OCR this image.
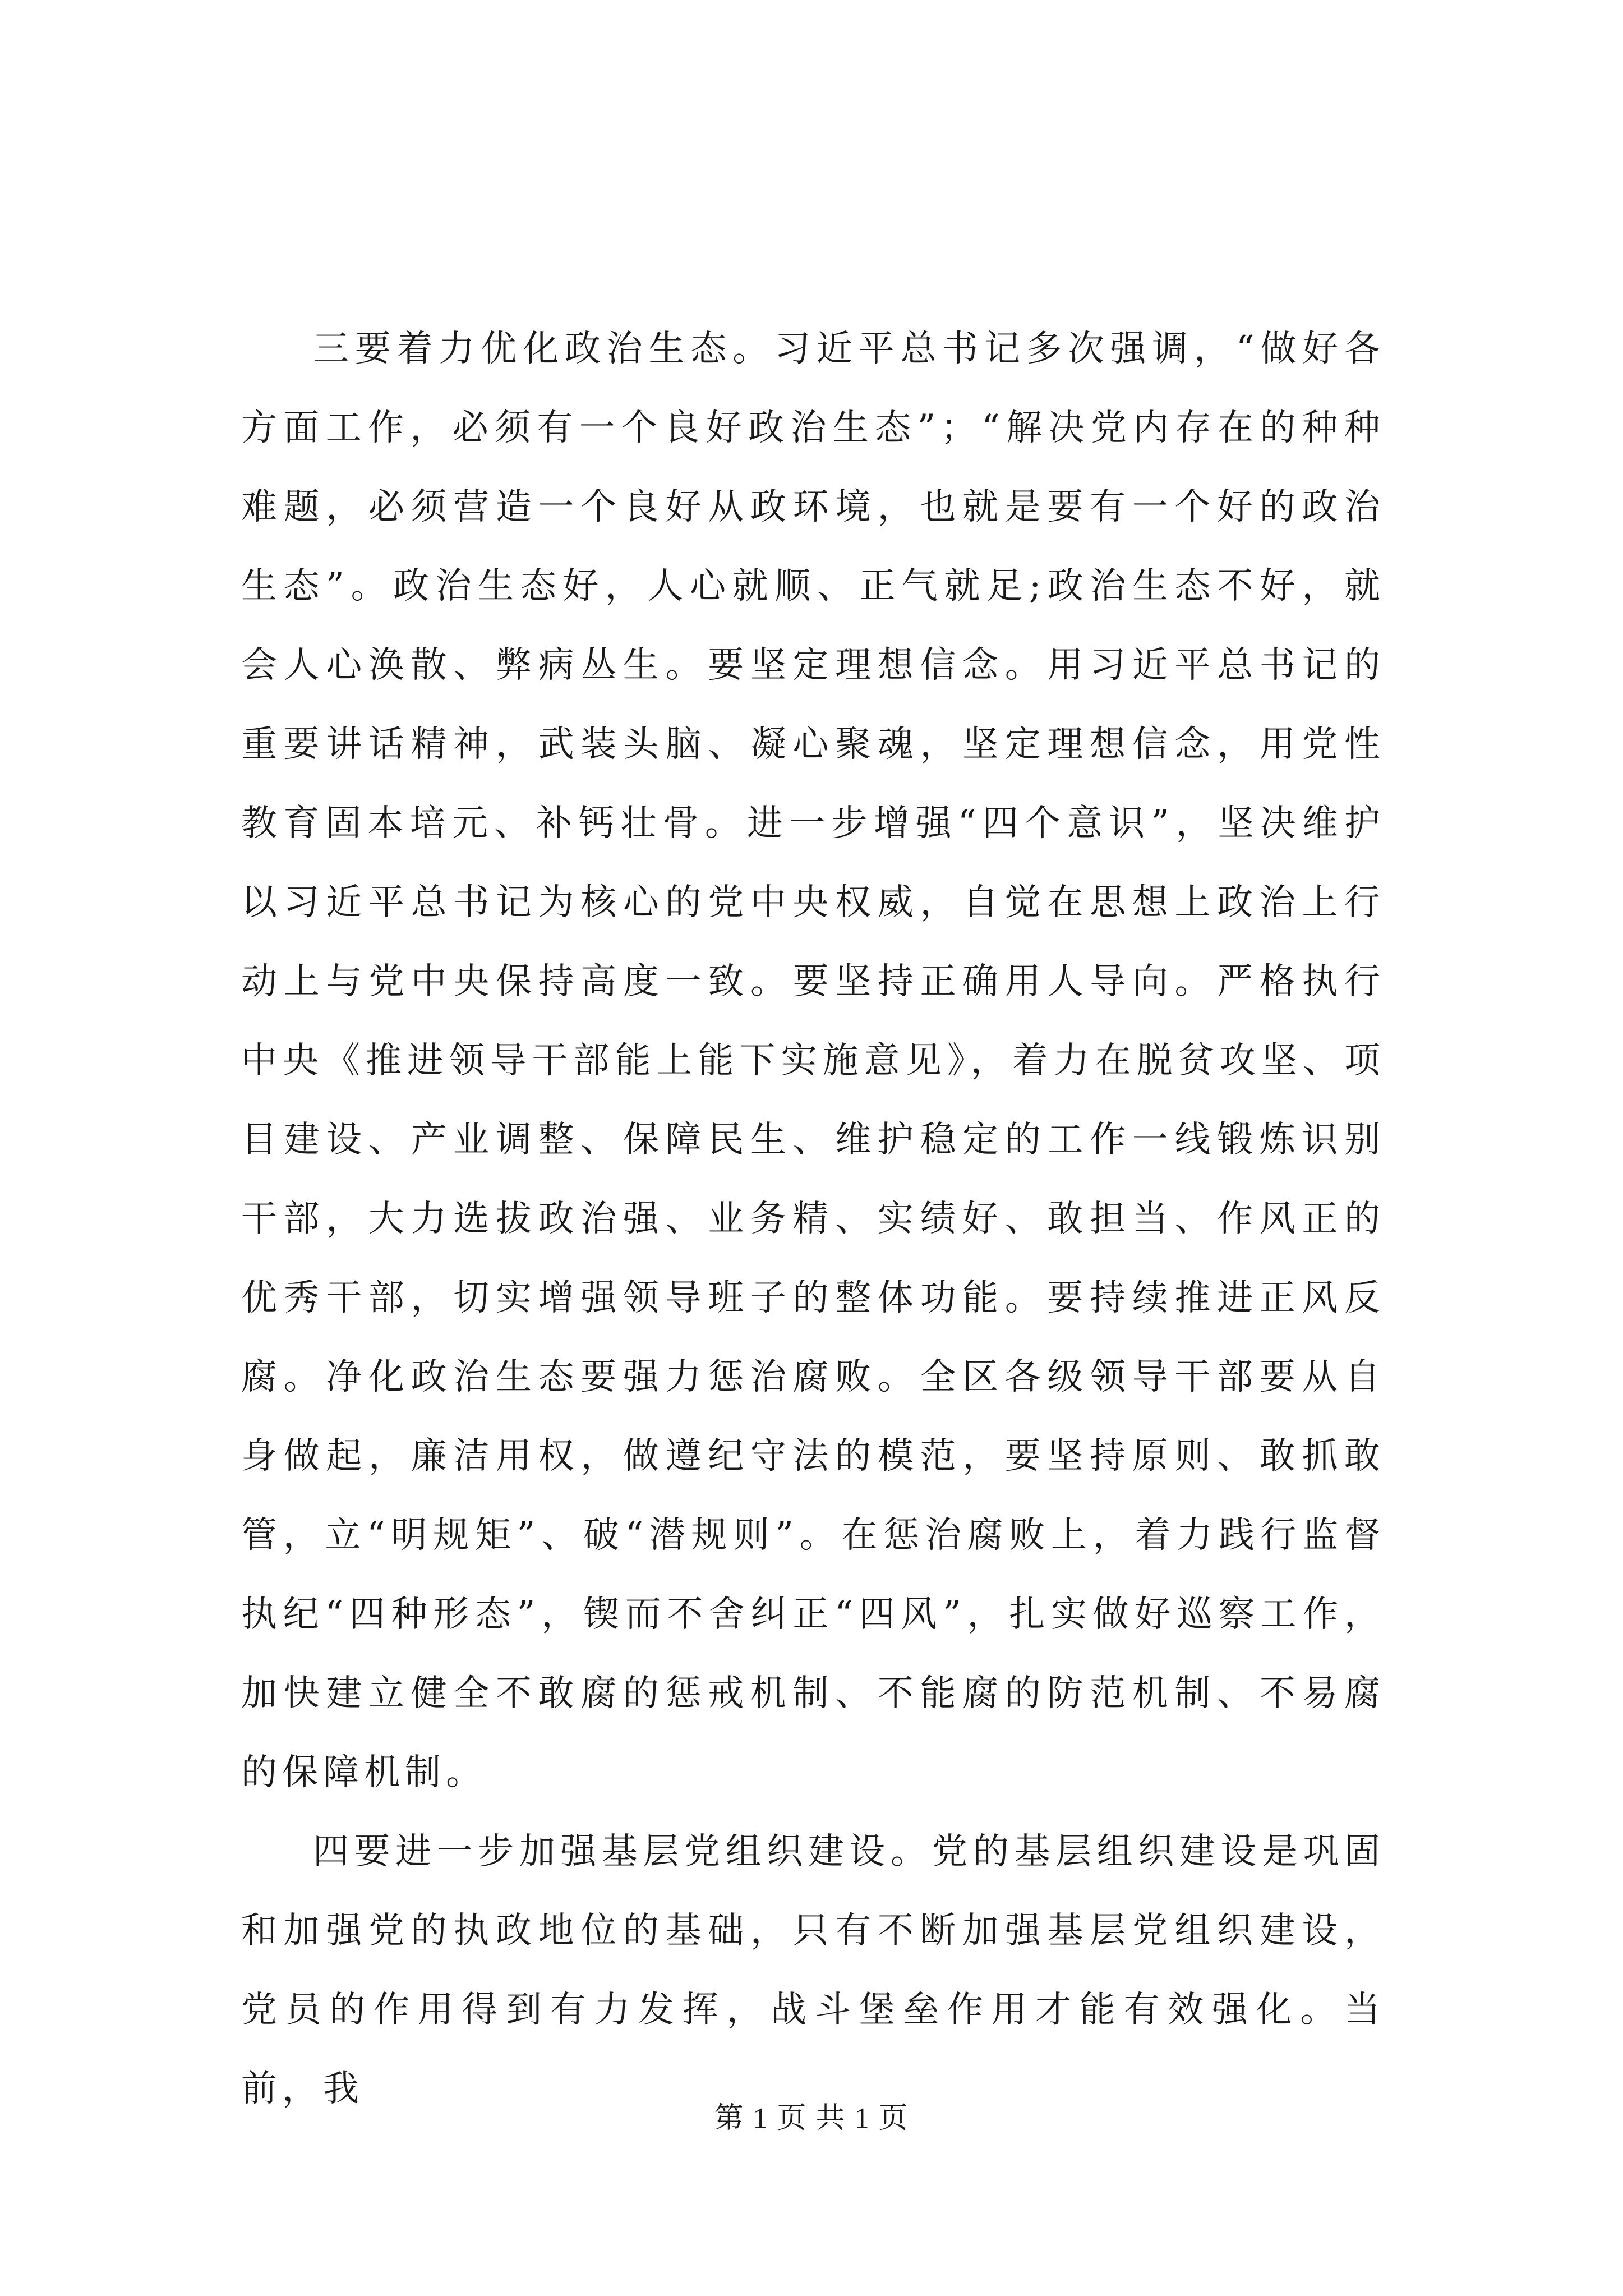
三要着力优化政治生态。习近平总书记多次强调，“做好各方面工作，必须有一个良好政治生态”；“解决党内存在的种种难题，必须营造一个良好从政环境，也就是要有一个好的政治生态”。政治生态好，人心就顺、正气就足;政治生态不好，就会人心涣散、弊病丛生。要坚定理想信念。用习近平总书记的重要讲话精神，武装头脑、凝心聚魂，坚定理想信念，用党性教育固本培元、补钙壮骨。进一步增强“四个意识”，坚决维护以习近平总书记为核心的党中央权威，自觉在思想上政治上行动上与党中央保持高度一致。要坚持正确用人导向。严格执行中央《推进领导干部能上能下实施意见》，着力在脱贫攻坚、项目建设、产业调整、保障民生、维护稳定的工作一线锻炼识别干部，大力选拔政治强、业务精、实绩好、敢担当、作风正的优秀干部，切实增强领导班子的整体功能。要持续推进正风反腐。净化政治生态要强力惩治腐败。全区各级领导干部要从自身做起，廉洁用权，做遵纪守法的模范，要坚持原则、敢抓敢管，立“明规矩”、破“潜规则”。在惩治腐败上，着力践行监督执纪“四种形态”，锲而不舍纠正“四风”，扎实做好巡察工作，加快建立健全不敢腐的惩戒机制、不能腐的防范机制、不易腐的保障机制。

四要进一步加强基层党组织建设。党的基层组织建设是巩固和加强党的执政地位的基础，只有不断加强基层党组织建设，党员的作用得到有力发挥，战斗堡垒作用才能有效强化。当前，我

第 1 页 共 1 页
